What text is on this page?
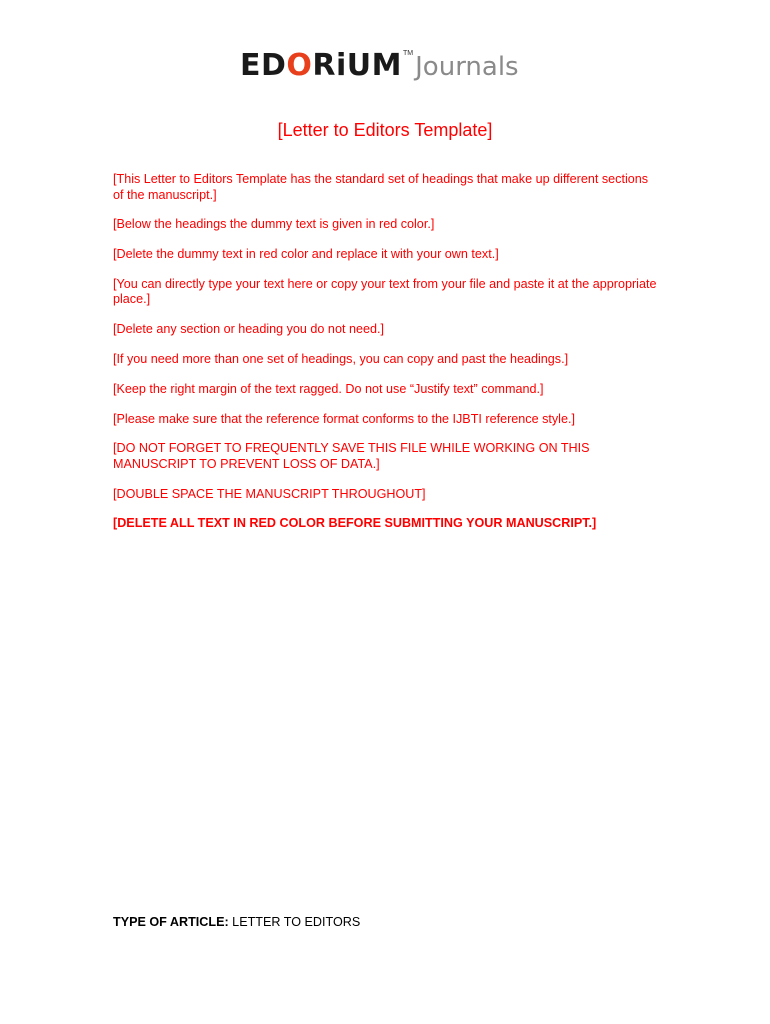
EDORiUM™Journals
[Letter to Editors Template]

[This Letter to Editors Template has the standard set of headings that make up different sections of the manuscript.]

[Below the headings the dummy text is given in red color.]

[Delete the dummy text in red color and replace it with your own text.]

[You can directly type your text here or copy your text from your file and paste it at the appropriate place.]

[Delete any section or heading you do not need.]

[If you need more than one set of headings, you can copy and past the headings.]

[Keep the right margin of the text ragged. Do not use “Justify text” command.]

[Please make sure that the reference format conforms to the IJBTI reference style.]

[DO NOT FORGET TO FREQUENTLY SAVE THIS FILE WHILE WORKING ON THIS MANUSCRIPT TO PREVENT LOSS OF DATA.]

[DOUBLE SPACE THE MANUSCRIPT THROUGHOUT]

[DELETE ALL TEXT IN RED COLOR BEFORE SUBMITTING YOUR MANUSCRIPT.]

TYPE OF ARTICLE: LETTER TO EDITORS
